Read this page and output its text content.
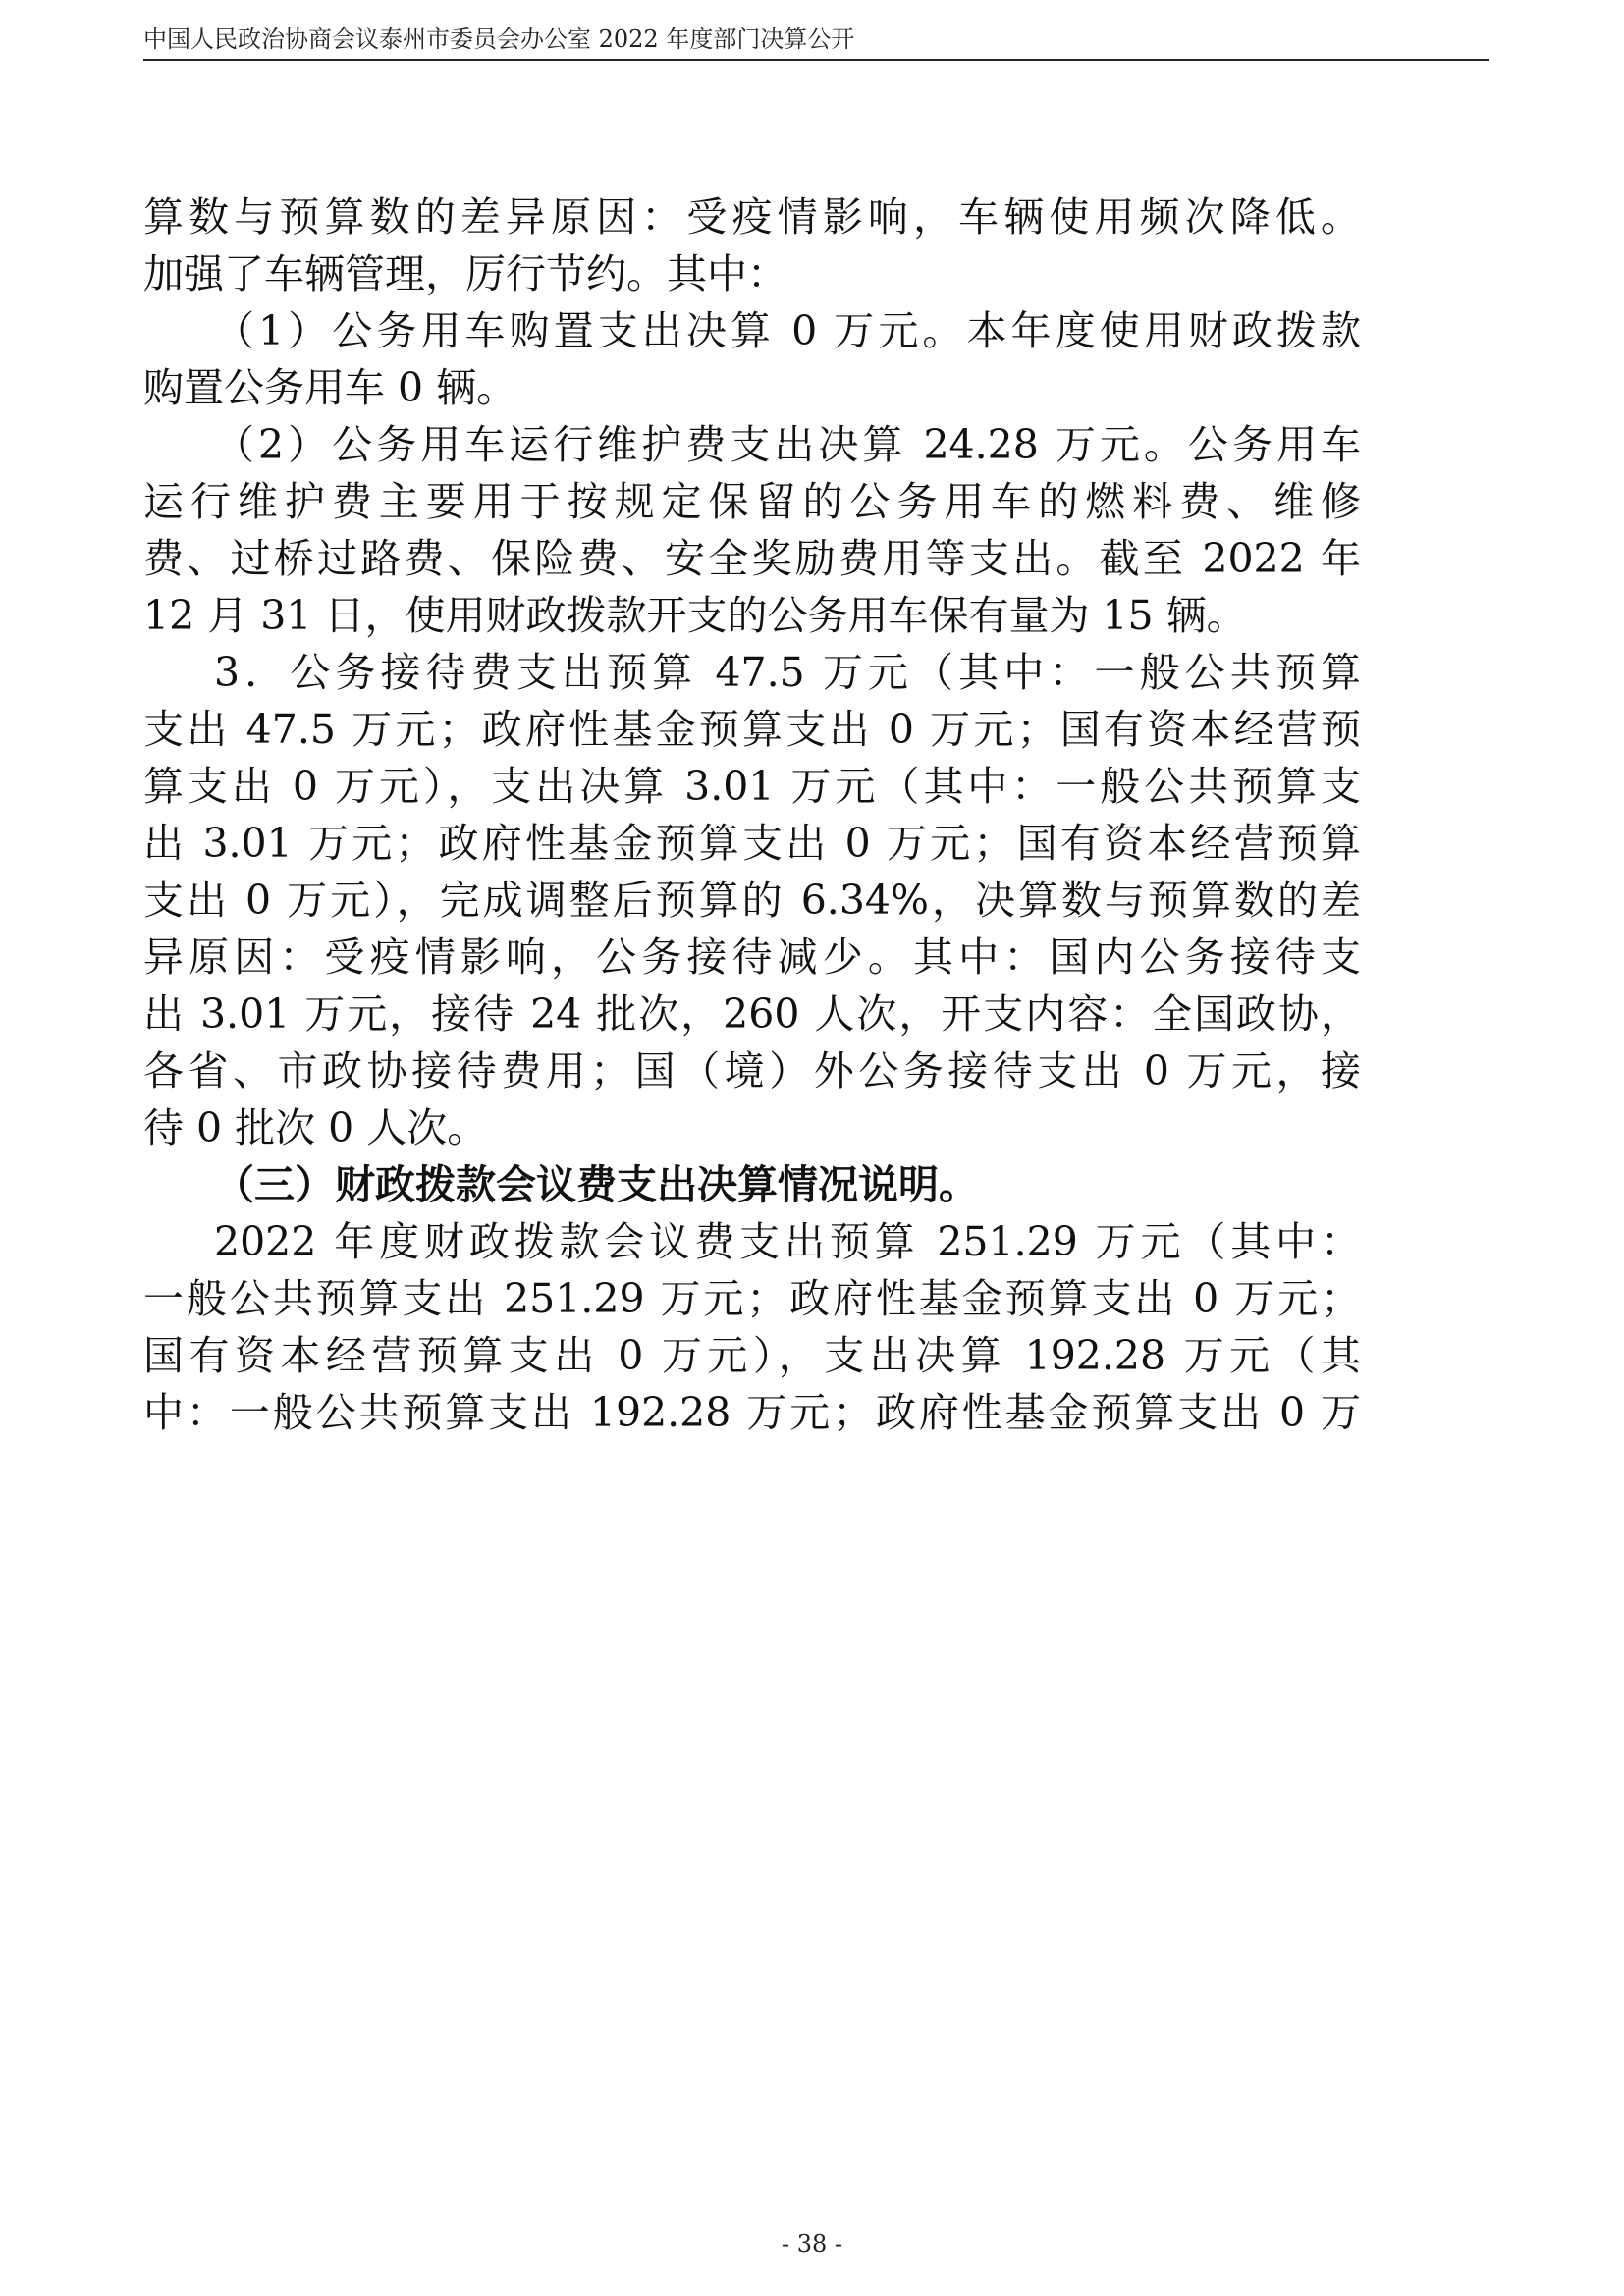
中国人民政治协商会议泰州市委员会办公室 2022 年度部门决算公开
算数与预算数的差异原因：受疫情影响，车辆使用频次降低。
加强了车辆管理，厉行节约。其中：
（1）公务用车购置支出决算 0 万元。本年度使用财政拨款
购置公务用车 0 辆。
（2）公务用车运行维护费支出决算 24.28 万元。公务用车
运行维护费主要用于按规定保留的公务用车的燃料费、维修
费、过桥过路费、保险费、安全奖励费用等支出。截至 2022 年
12 月 31 日，使用财政拨款开支的公务用车保有量为 15 辆。
3．公务接待费支出预算 47.5 万元（其中：一般公共预算
支出 47.5 万元；政府性基金预算支出 0 万元；国有资本经营预
算支出 0 万元），支出决算 3.01 万元（其中：一般公共预算支
出 3.01 万元；政府性基金预算支出 0 万元；国有资本经营预算
支出 0 万元），完成调整后预算的 6.34%，决算数与预算数的差
异原因：受疫情影响，公务接待减少。其中：国内公务接待支
出 3.01 万元，接待 24 批次，260 人次，开支内容：全国政协，
各省、市政协接待费用；国（境）外公务接待支出 0 万元，接
待 0 批次 0 人次。
（三）财政拨款会议费支出决算情况说明。
2022 年度财政拨款会议费支出预算 251.29 万元（其中：
一般公共预算支出 251.29 万元；政府性基金预算支出 0 万元；
国有资本经营预算支出 0 万元），支出决算 192.28 万元（其
中：一般公共预算支出 192.28 万元；政府性基金预算支出 0 万
- 38 -
